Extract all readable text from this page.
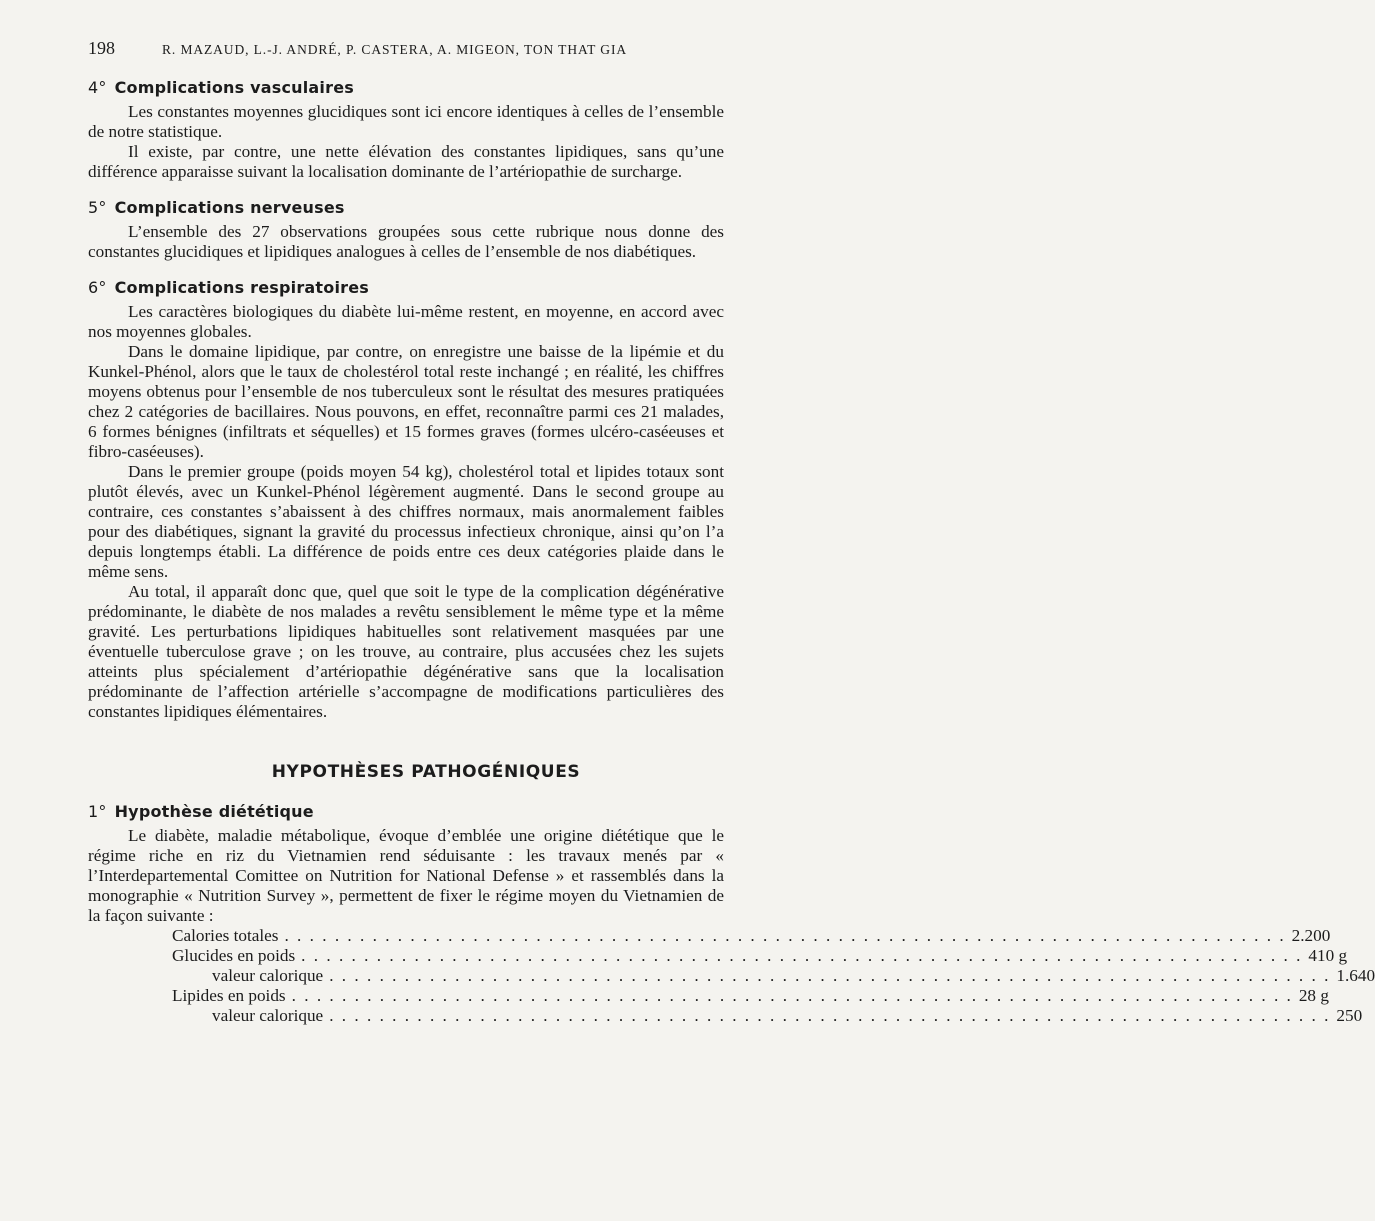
198	R. MAZAUD, L.-J. ANDRÉ, P. CASTERA, A. MIGEON, TON THAT GIA
4° Complications vasculaires

Les constantes moyennes glucidiques sont ici encore identiques à celles de l’ensemble de notre statistique.

Il existe, par contre, une nette élévation des constantes lipidiques, sans qu’une différence apparaisse suivant la localisation dominante de l’artériopathie de surcharge.

5° Complications nerveuses

L’ensemble des 27 observations groupées sous cette rubrique nous donne des constantes glucidiques et lipidiques analogues à celles de l’ensemble de nos diabétiques.

6° Complications respiratoires

Les caractères biologiques du diabète lui-même restent, en moyenne, en accord avec nos moyennes globales.

Dans le domaine lipidique, par contre, on enregistre une baisse de la lipémie et du Kunkel-Phénol, alors que le taux de cholestérol total reste inchangé ; en réalité, les chiffres moyens obtenus pour l’ensemble de nos tuberculeux sont le résultat des mesures pratiquées chez 2 catégories de bacillaires. Nous pouvons, en effet, reconnaître parmi ces 21 malades, 6 formes bénignes (infiltrats et séquelles) et 15 formes graves (formes ulcéro-caséeuses et fibro-caséeuses).

Dans le premier groupe (poids moyen 54 kg), cholestérol total et lipides totaux sont plutôt élevés, avec un Kunkel-Phénol légèrement augmenté. Dans le second groupe au contraire, ces constantes s’abaissent à des chiffres normaux, mais anormalement faibles pour des diabétiques, signant la gravité du processus infectieux chronique, ainsi qu’on l’a depuis longtemps établi. La différence de poids entre ces deux catégories plaide dans le même sens.

Au total, il apparaît donc que, quel que soit le type de la complication dégénérative prédominante, le diabète de nos malades a revêtu sensiblement le même type et la même gravité. Les perturbations lipidiques habituelles sont relativement masquées par une éventuelle tuberculose grave ; on les trouve, au contraire, plus accusées chez les sujets atteints plus spécialement d’artériopathie dégénérative sans que la localisation prédominante de l’affection artérielle s’accompagne de modifications particulières des constantes lipidiques élémentaires.

HYPOTHÈSES PATHOGÉNIQUES
1° Hypothèse diététique

Le diabète, maladie métabolique, évoque d’emblée une origine diététique que le régime riche en riz du Vietnamien rend séduisante : les travaux menés par « l’Interdepartemental Comittee on Nutrition for National Defense » et rassemblés dans la monographie « Nutrition Survey », permettent de fixer le régime moyen du Vietnamien de la façon suivante :

Calories totales . . . . . . . . . . . . . . . . . . . . . . . . . . . . . . . . . . . . . . . . . . . . . . . . . . . . . . . . . . . . . . . . . . . . . . . . . . . . . . . . 2.200
Glucides en poids . . . . . . . . . . . . . . . . . . . . . . . . . . . . . . . . . . . . . . . . . . . . . . . . . . . . . . . . . . . . . . . . . . . . . . . . . . . . . . . . 410 g
valeur calorique . . . . . . . . . . . . . . . . . . . . . . . . . . . . . . . . . . . . . . . . . . . . . . . . . . . . . . . . . . . . . . . . . . . . . . . . . . . . . . . . 1.640
Lipides en poids . . . . . . . . . . . . . . . . . . . . . . . . . . . . . . . . . . . . . . . . . . . . . . . . . . . . . . . . . . . . . . . . . . . . . . . . . . . . . . . . 28 g
valeur calorique . . . . . . . . . . . . . . . . . . . . . . . . . . . . . . . . . . . . . . . . . . . . . . . . . . . . . . . . . . . . . . . . . . . . . . . . . . . . . . . . 250
